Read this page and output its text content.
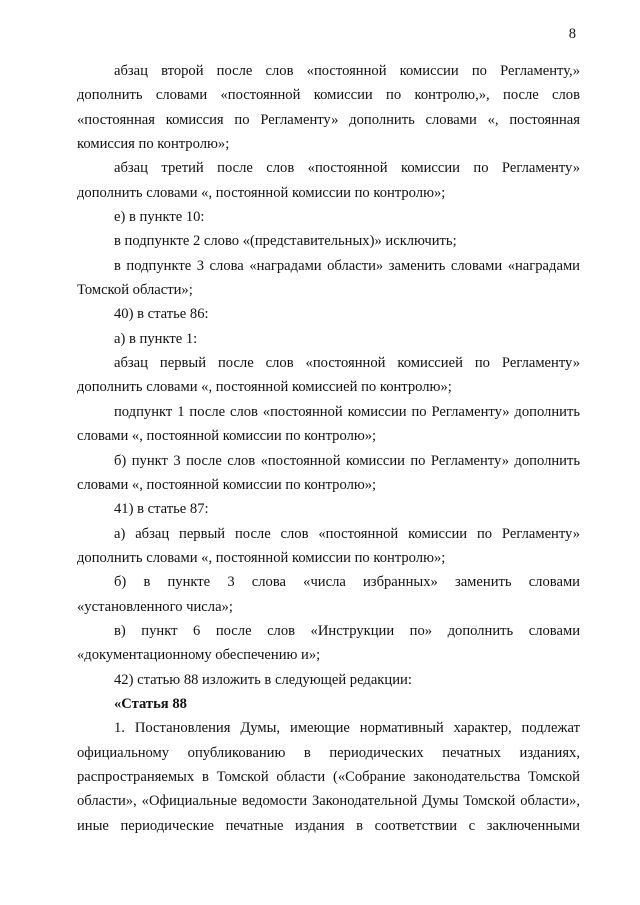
8

абзац второй после слов «постоянной комиссии по Регламенту,» дополнить словами «постоянной комиссии по контролю,», после слов «постоянная комиссия по Регламенту» дополнить словами «, постоянная комиссия по контролю»;

абзац третий после слов «постоянной комиссии по Регламенту» дополнить словами «, постоянной комиссии по контролю»;

е) в пункте 10:

в подпункте 2 слово «(представительных)» исключить;

в подпункте 3 слова «наградами области» заменить словами «наградами Томской области»;

40) в статье 86:

а) в пункте 1:

абзац первый после слов «постоянной комиссией по Регламенту» дополнить словами «, постоянной комиссией по контролю»;

подпункт 1 после слов «постоянной комиссии по Регламенту» дополнить словами «, постоянной комиссии по контролю»;

б) пункт 3 после слов «постоянной комиссии по Регламенту» дополнить словами «, постоянной комиссии по контролю»;

41) в статье 87:

а) абзац первый после слов «постоянной комиссии по Регламенту» дополнить словами «, постоянной комиссии по контролю»;

б) в пункте 3 слова «числа избранных» заменить словами «установленного числа»;

в) пункт 6 после слов «Инструкции по» дополнить словами «документационному обеспечению и»;

42) статью 88 изложить в следующей редакции:

«Статья 88

1. Постановления Думы, имеющие нормативный характер, подлежат официальному опубликованию в периодических печатных изданиях, распространяемых в Томской области («Собрание законодательства Томской области», «Официальные ведомости Законодательной Думы Томской области», иные периодические печатные издания в соответствии с заключенными
